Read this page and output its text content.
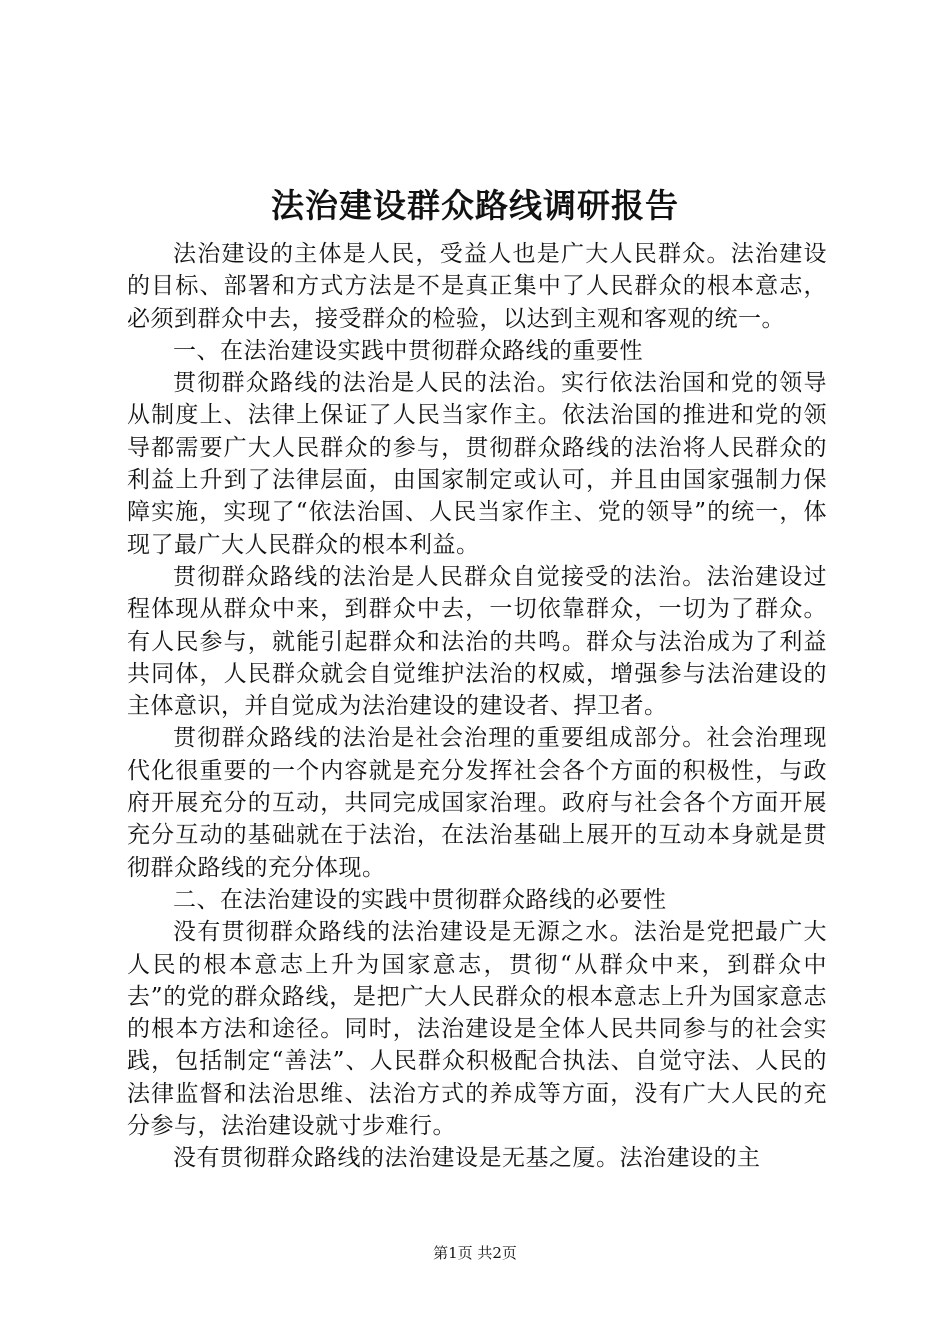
法治建设群众路线调研报告

法治建设的主体是人民，受益人也是广大人民群众。法治建设的目标、部署和方式方法是不是真正集中了人民群众的根本意志，必须到群众中去，接受群众的检验，以达到主观和客观的统一。

一、在法治建设实践中贯彻群众路线的重要性

贯彻群众路线的法治是人民的法治。实行依法治国和党的领导从制度上、法律上保证了人民当家作主。依法治国的推进和党的领导都需要广大人民群众的参与，贯彻群众路线的法治将人民群众的利益上升到了法律层面，由国家制定或认可，并且由国家强制力保障实施，实现了“依法治国、人民当家作主、党的领导”的统一，体现了最广大人民群众的根本利益。

贯彻群众路线的法治是人民群众自觉接受的法治。法治建设过程体现从群众中来，到群众中去，一切依靠群众，一切为了群众。有人民参与，就能引起群众和法治的共鸣。群众与法治成为了利益共同体，人民群众就会自觉维护法治的权威，增强参与法治建设的主体意识，并自觉成为法治建设的建设者、捍卫者。

贯彻群众路线的法治是社会治理的重要组成部分。社会治理现代化很重要的一个内容就是充分发挥社会各个方面的积极性，与政府开展充分的互动，共同完成国家治理。政府与社会各个方面开展充分互动的基础就在于法治，在法治基础上展开的互动本身就是贯彻群众路线的充分体现。

二、在法治建设的实践中贯彻群众路线的必要性

没有贯彻群众路线的法治建设是无源之水。法治是党把最广大人民的根本意志上升为国家意志，贯彻“从群众中来，到群众中去”的党的群众路线，是把广大人民群众的根本意志上升为国家意志的根本方法和途径。同时，法治建设是全体人民共同参与的社会实践，包括制定“善法”、人民群众积极配合执法、自觉守法、人民的法律监督和法治思维、法治方式的养成等方面，没有广大人民的充分参与，法治建设就寸步难行。

没有贯彻群众路线的法治建设是无基之厦。法治建设的主

第1页 共2页
